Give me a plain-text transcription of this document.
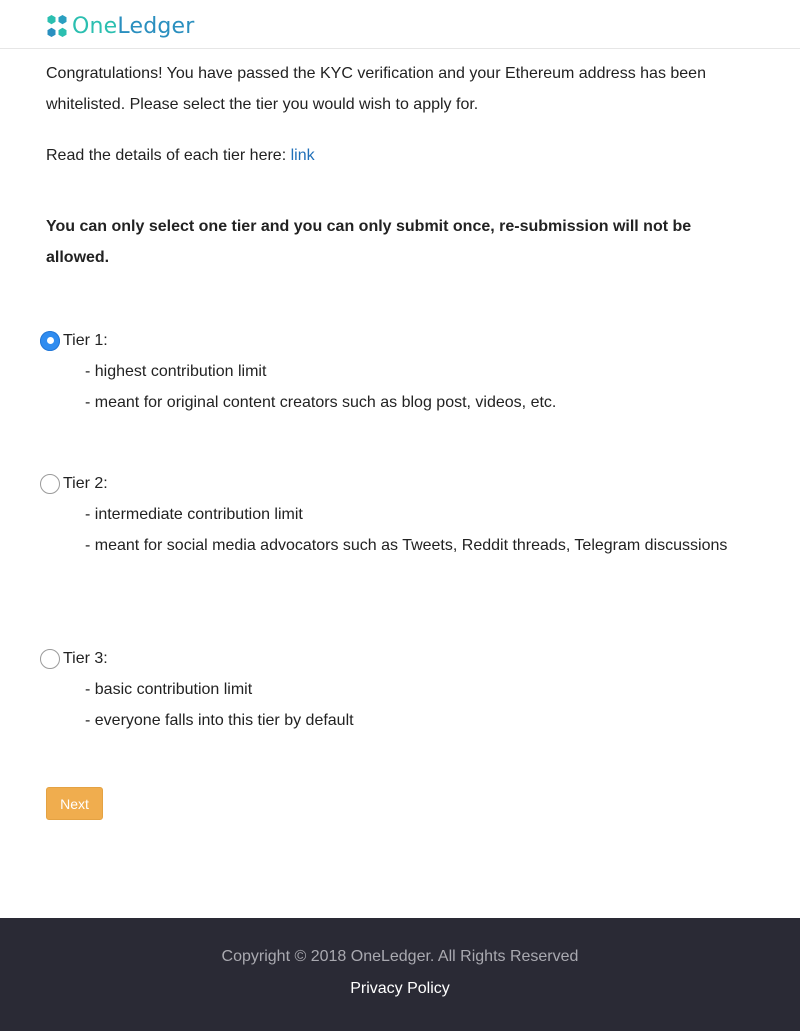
OneLedger

Congratulations! You have passed the KYC verification and your Ethereum address has been whitelisted. Please select the tier you would wish to apply for.

Read the details of each tier here: link

You can only select one tier and you can only submit once, re-submission will not be allowed.

Tier 1:
- highest contribution limit
- meant for original content creators such as blog post, videos, etc.
Tier 2:
- intermediate contribution limit
- meant for social media advocators such as Tweets, Reddit threads, Telegram discussions
Tier 3:
- basic contribution limit
- everyone falls into this tier by default
Next
Copyright © 2018 OneLedger. All Rights Reserved
Privacy Policy
